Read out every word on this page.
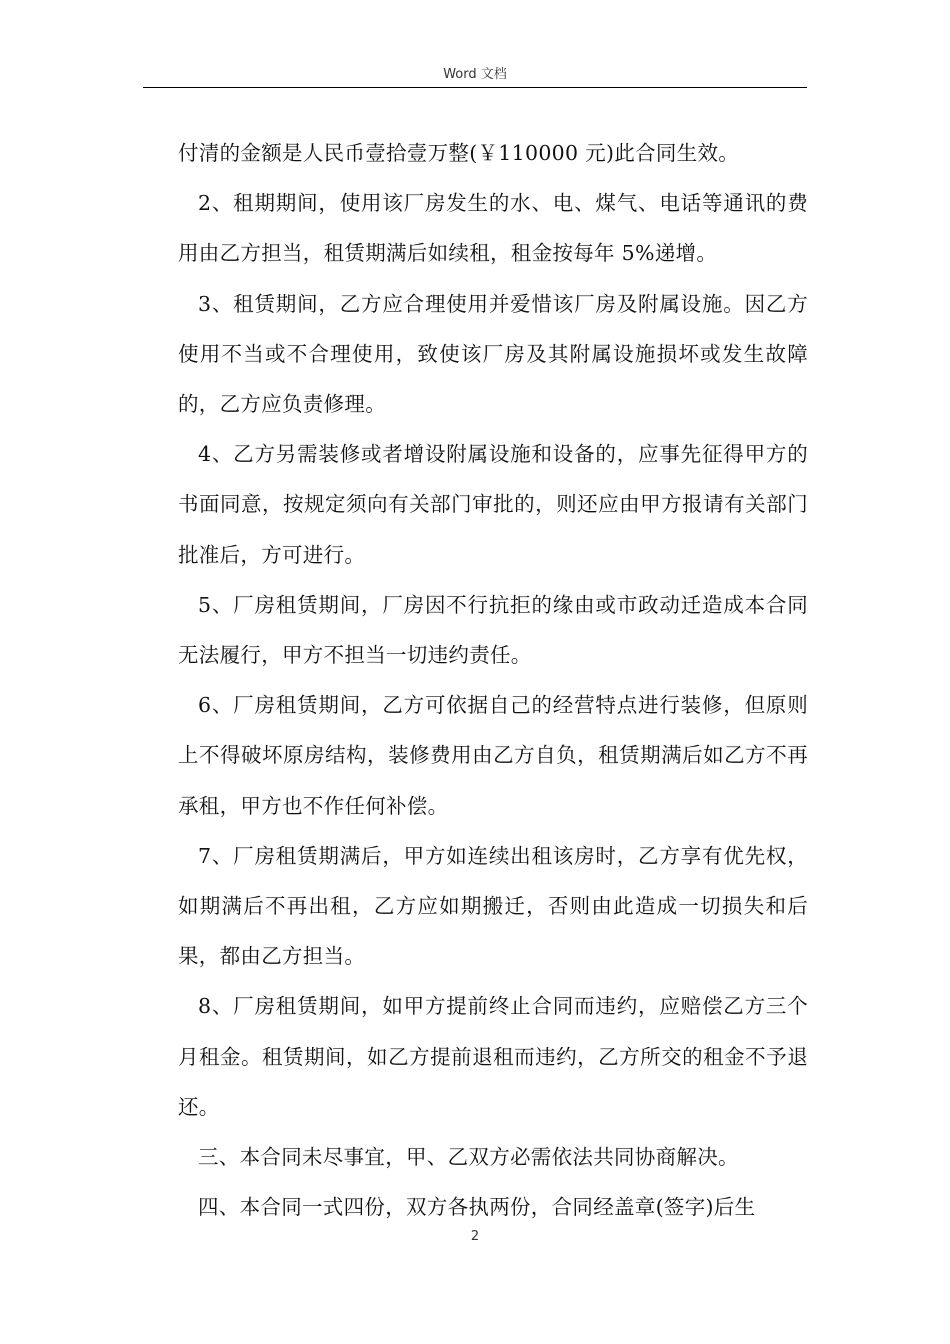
Word 文档

付清的金额是人民币壹拾壹万整(￥110000 元)此合同生效。

2、租期期间，使用该厂房发生的水、电、煤气、电话等通讯的费用由乙方担当，租赁期满后如续租，租金按每年 5%递增。

3、租赁期间，乙方应合理使用并爱惜该厂房及附属设施。因乙方使用不当或不合理使用，致使该厂房及其附属设施损坏或发生故障的，乙方应负责修理。

4、乙方另需装修或者增设附属设施和设备的，应事先征得甲方的书面同意，按规定须向有关部门审批的，则还应由甲方报请有关部门批准后，方可进行。

5、厂房租赁期间，厂房因不行抗拒的缘由或市政动迁造成本合同无法履行，甲方不担当一切违约责任。

6、厂房租赁期间，乙方可依据自己的经营特点进行装修，但原则上不得破坏原房结构，装修费用由乙方自负，租赁期满后如乙方不再承租，甲方也不作任何补偿。

7、厂房租赁期满后，甲方如连续出租该房时，乙方享有优先权，如期满后不再出租，乙方应如期搬迁，否则由此造成一切损失和后果，都由乙方担当。

8、厂房租赁期间，如甲方提前终止合同而违约，应赔偿乙方三个月租金。租赁期间，如乙方提前退租而违约，乙方所交的租金不予退还。

三、本合同未尽事宜，甲、乙双方必需依法共同协商解决。

四、本合同一式四份，双方各执两份，合同经盖章(签字)后生

2
